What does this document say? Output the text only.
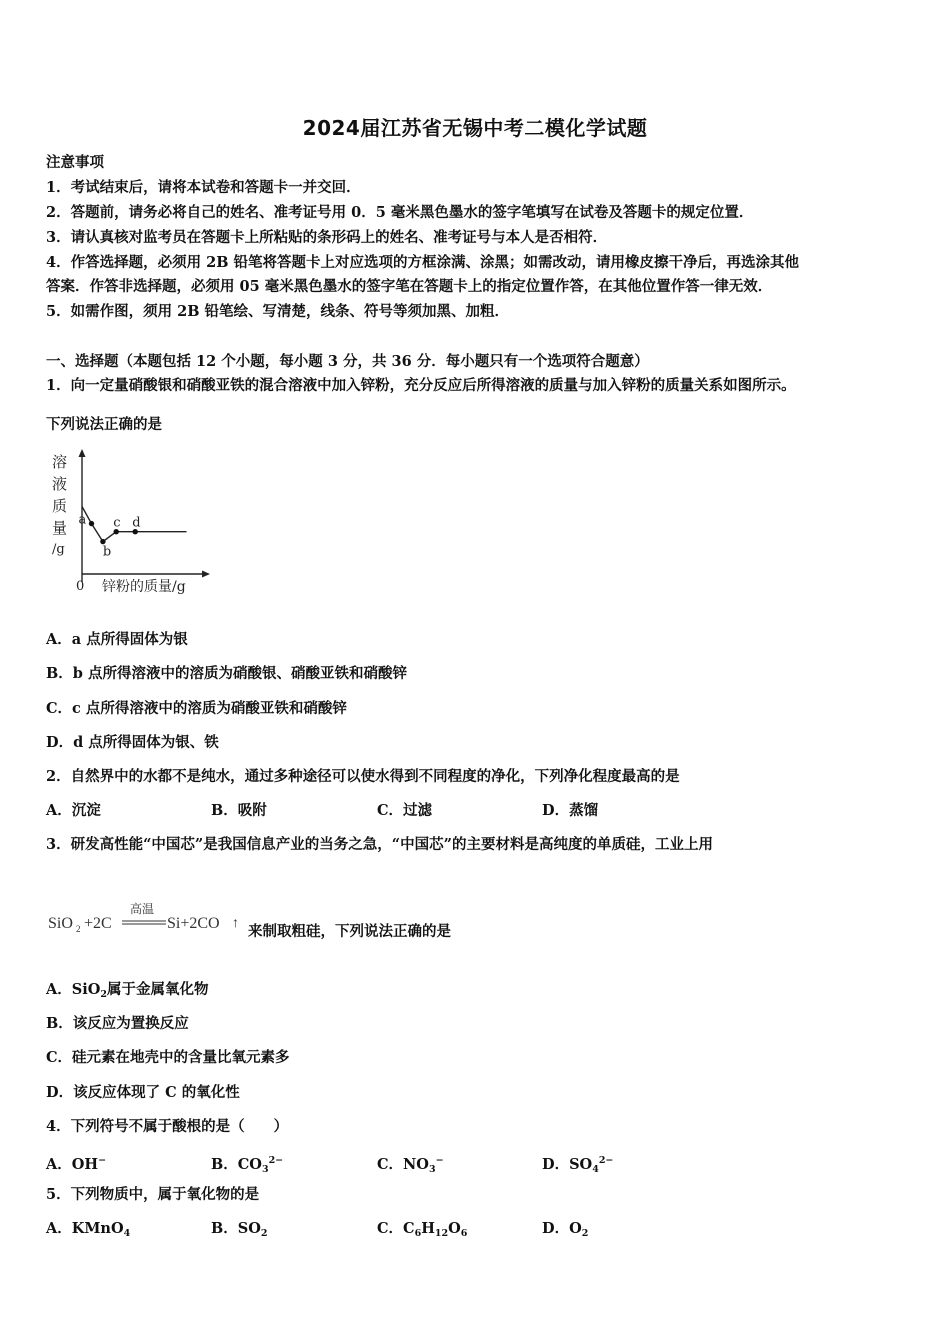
2024届江苏省无锡中考二模化学试题
注意事项
1．考试结束后，请将本试卷和答题卡一并交回．
2．答题前，请务必将自己的姓名、准考证号用 0．5 毫米黑色墨水的签字笔填写在试卷及答题卡的规定位置．
3．请认真核对监考员在答题卡上所粘贴的条形码上的姓名、准考证号与本人是否相符．
4．作答选择题，必须用 2B 铅笔将答题卡上对应选项的方框涂满、涂黑；如需改动，请用橡皮擦干净后，再选涂其他
答案．作答非选择题，必须用 05 毫米黑色墨水的签字笔在答题卡上的指定位置作答，在其他位置作答一律无效．
5．如需作图，须用 2B 铅笔绘、写清楚，线条、符号等须加黑、加粗．
一、选择题（本题包括 12 个小题，每小题 3 分，共 36 分．每小题只有一个选项符合题意）
1．向一定量硝酸银和硝酸亚铁的混合溶液中加入锌粉，充分反应后所得溶液的质量与加入锌粉的质量关系如图所示。
下列说法正确的是
溶
液
质
量
/g
0 锌粉的质量/g
a
b
c d
A．a 点所得固体为银
B．b 点所得溶液中的溶质为硝酸银、硝酸亚铁和硝酸锌
C．c 点所得溶液中的溶质为硝酸亚铁和硝酸锌
D．d 点所得固体为银、铁
2．自然界中的水都不是纯水，通过多种途径可以使水得到不同程度的净化，下列净化程度最高的是
A．沉淀	B．吸附	C．过滤	D．蒸馏
3．研发高性能“中国芯”是我国信息产业的当务之急，“中国芯”的主要材料是高纯度的单质硅，工业上用
SiO 2 +2C
高温
Si+2CO ↑ 来制取粗硅，下列说法正确的是
A．SiO$_2$属于金属氧化物
B．该反应为置换反应
C．硅元素在地壳中的含量比氧元素多
D．该反应体现了 C 的氧化性
4．下列符号不属于酸根的是（　　）
A．OH−	B．$CO_3^{2-}$	C．$NO_3^-$	D．$SO_4^{2-}$
5．下列物质中，属于氧化物的是
A．KMnO$_4$	B．$SO_2$	C．$C_6H_{12}O_6$	D．$O_2$
